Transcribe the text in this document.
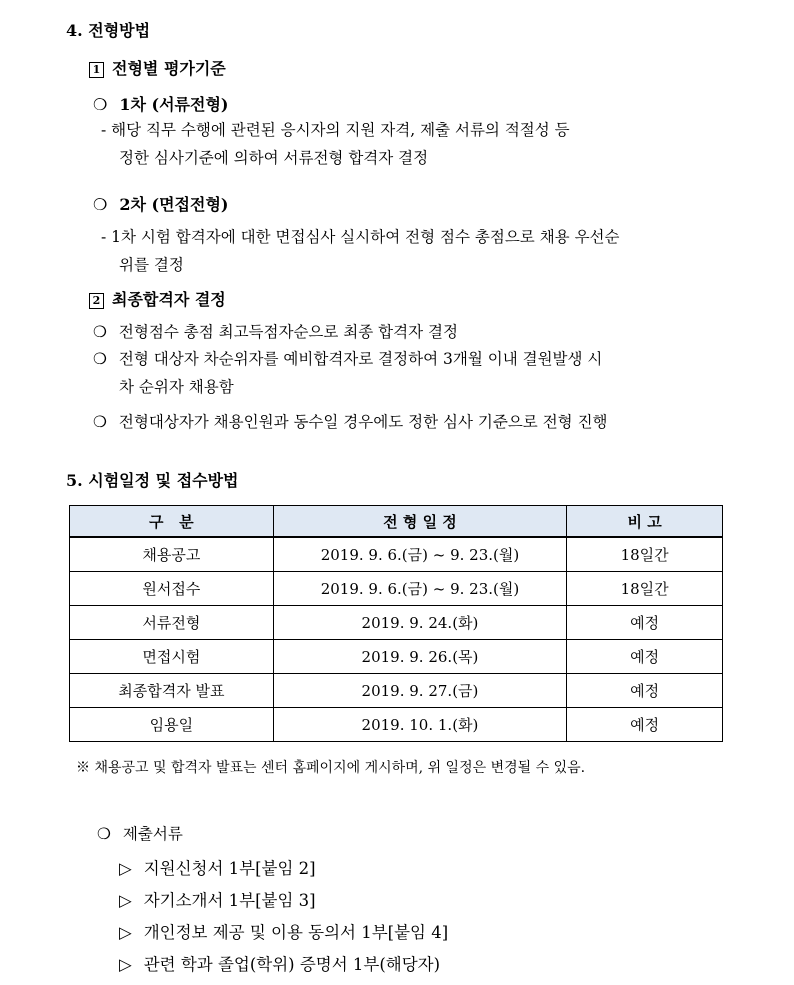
4. 전형방법
1 전형별 평가기준
❍ 1차 (서류전형)
- 해당 직무 수행에 관련된 응시자의 지원 자격, 제출 서류의 적절성 등
정한 심사기준에 의하여 서류전형 합격자 결정
❍ 2차 (면접전형)
- 1차 시험 합격자에 대한 면접심사 실시하여 전형 점수 총점으로 채용 우선순
위를 결정
2 최종합격자 결정
❍ 전형점수 총점 최고득점자순으로 최종 합격자 결정
❍ 전형 대상자 차순위자를 예비합격자로 결정하여 3개월 이내 결원발생 시
차 순위자 채용함
❍ 전형대상자가 채용인원과 동수일 경우에도 정한 심사 기준으로 전형 진행
5. 시험일정 및 접수방법
구   분	전 형 일 정	비 고
채용공고	2019. 9. 6.(금) ~ 9. 23.(월)	18일간
원서접수	2019. 9. 6.(금) ~ 9. 23.(월)	18일간
서류전형	2019. 9. 24.(화)	예정
면접시험	2019. 9. 26.(목)	예정
최종합격자 발표	2019. 9. 27.(금)	예정
임용일	2019. 10. 1.(화)	예정
※ 채용공고 및 합격자 발표는 센터 홈페이지에 게시하며, 위 일정은 변경될 수 있음.
❍ 제출서류
▷ 지원신청서 1부[붙임 2]
▷ 자기소개서 1부[붙임 3]
▷ 개인정보 제공 및 이용 동의서 1부[붙임 4]
▷ 관련 학과 졸업(학위) 증명서 1부(해당자)
